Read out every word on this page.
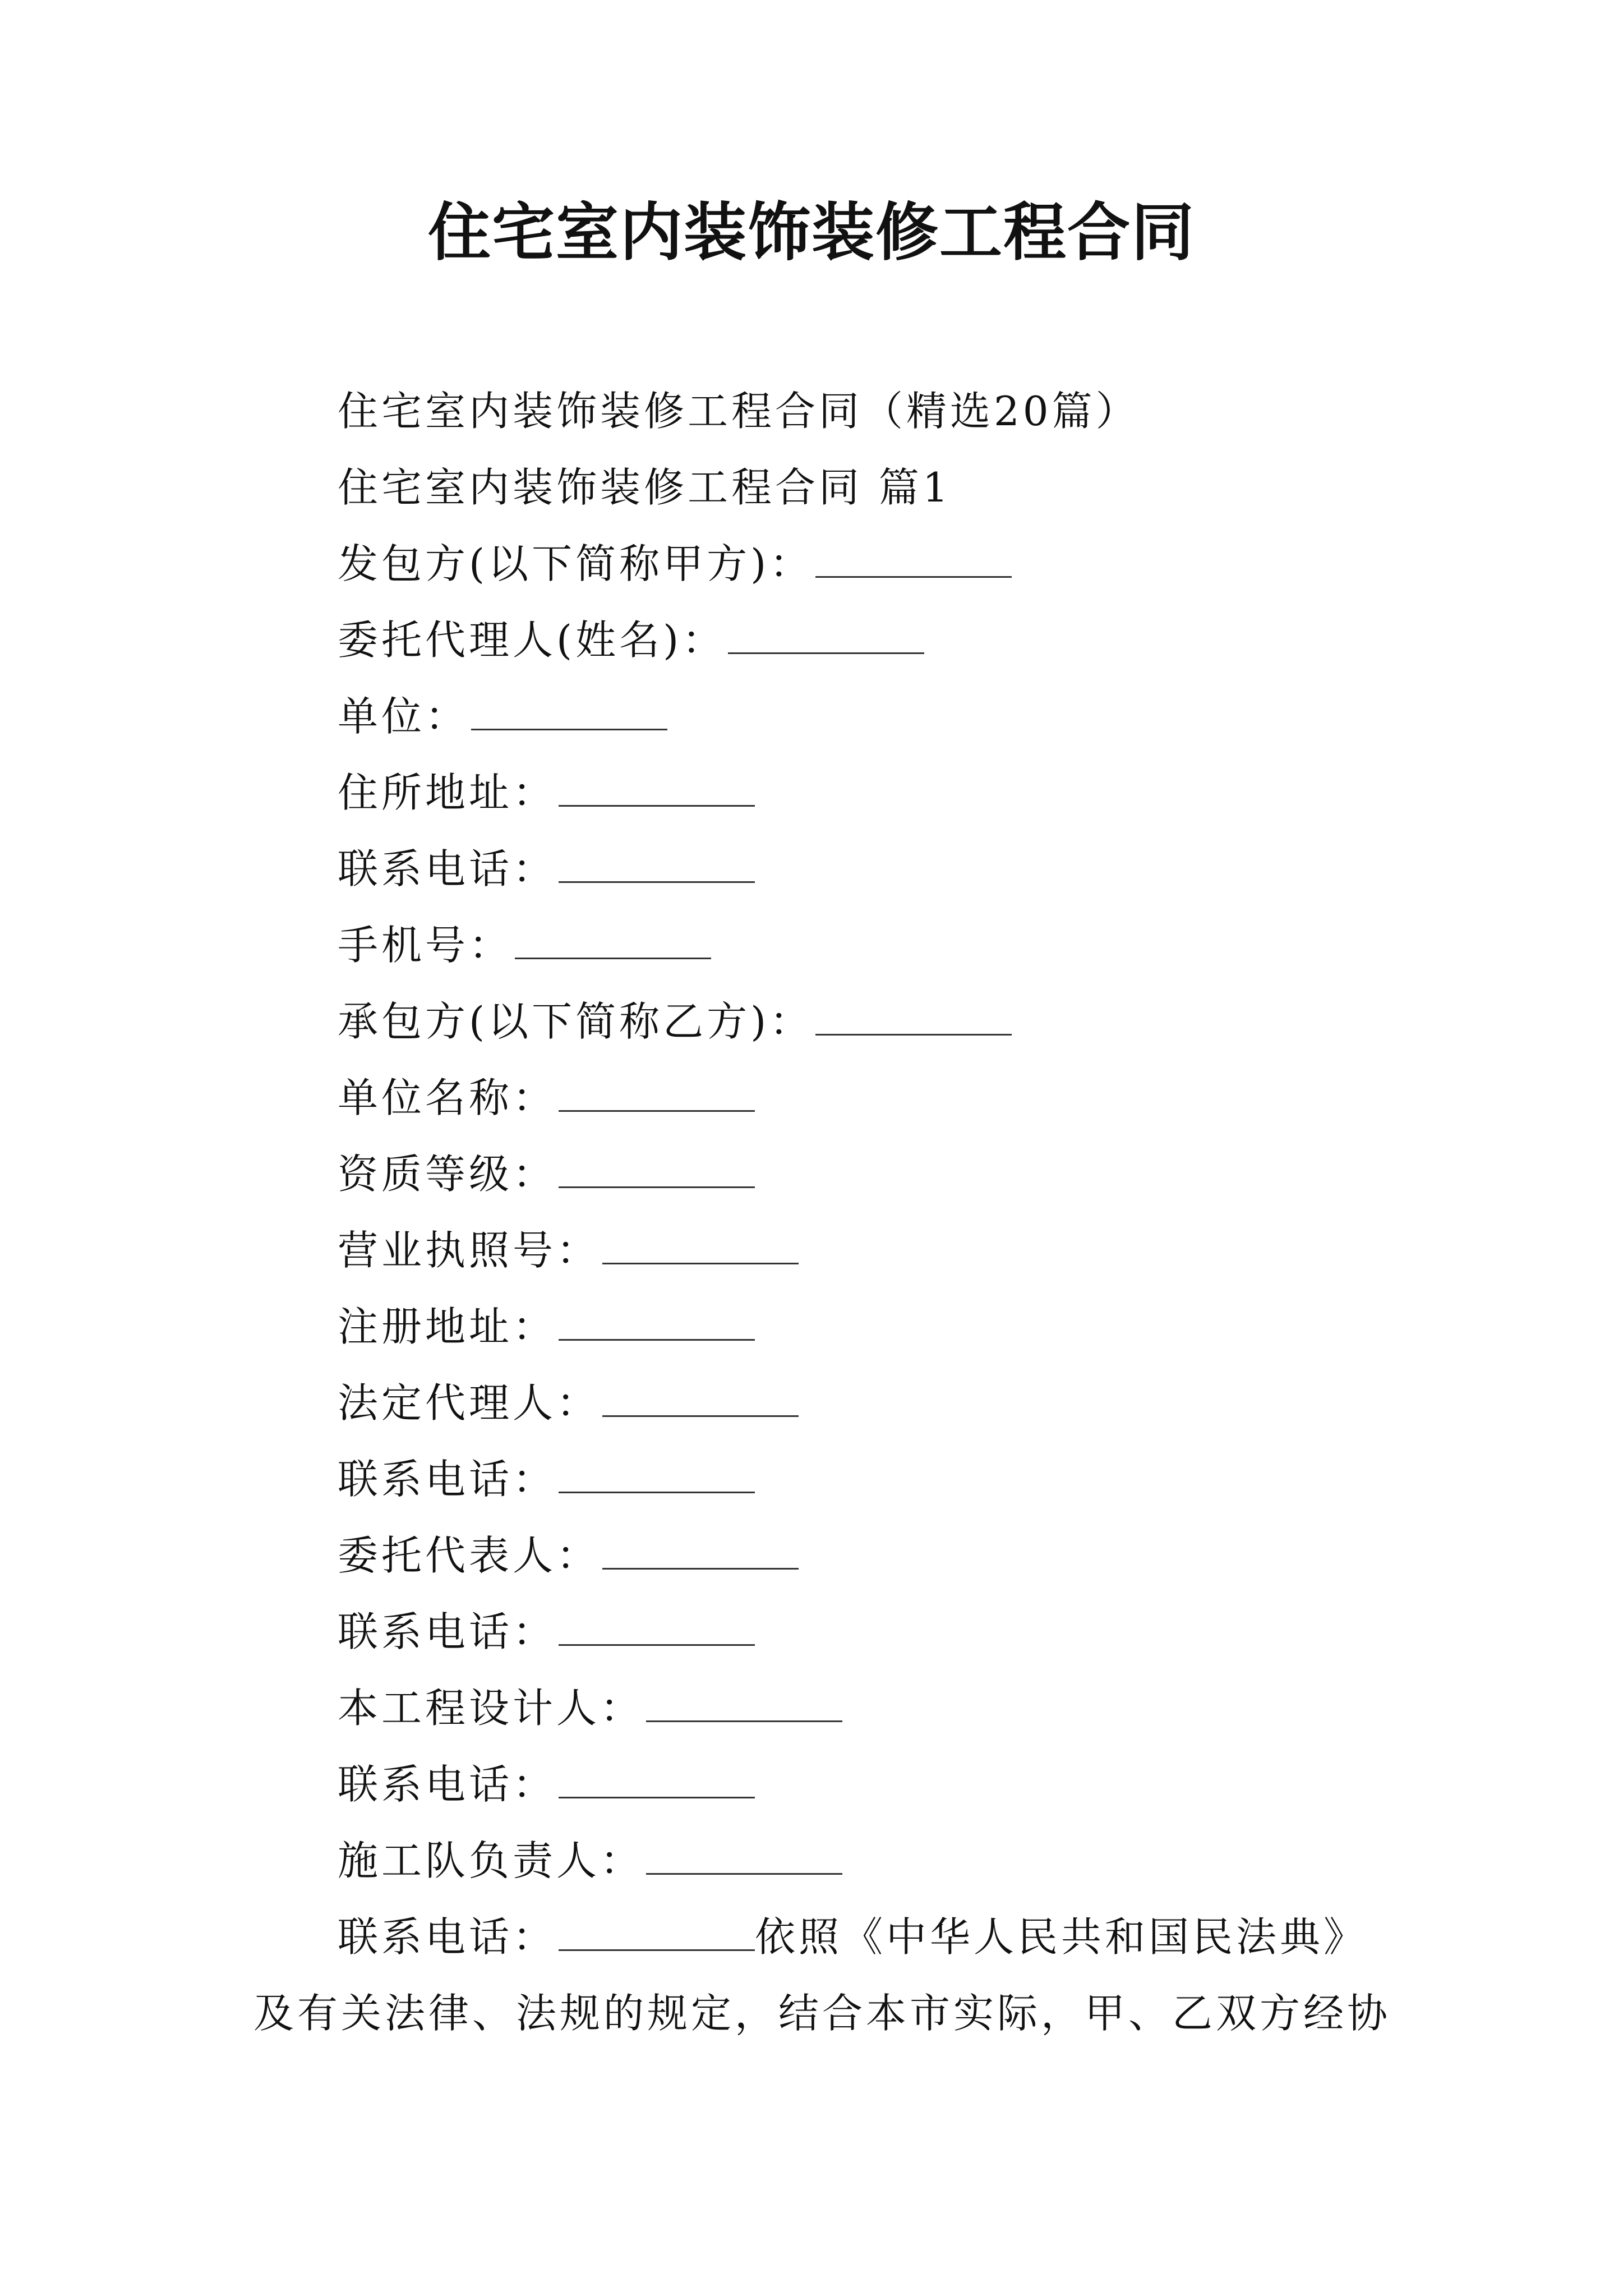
住宅室内装饰装修工程合同
住宅室内装饰装修工程合同（精选20篇）
住宅室内装饰装修工程合同 篇1
发包方(以下简称甲方)：
委托代理人(姓名)：
单位：
住所地址：
联系电话：
手机号：
承包方(以下简称乙方)：
单位名称：
资质等级：
营业执照号：
注册地址：
法定代理人：
联系电话：
委托代表人：
联系电话：
本工程设计人：
联系电话：
施工队负责人：
联系电话：	依照《中华人民共和国民法典》
及有关法律、法规的规定，结合本市实际，甲、乙双方经协
